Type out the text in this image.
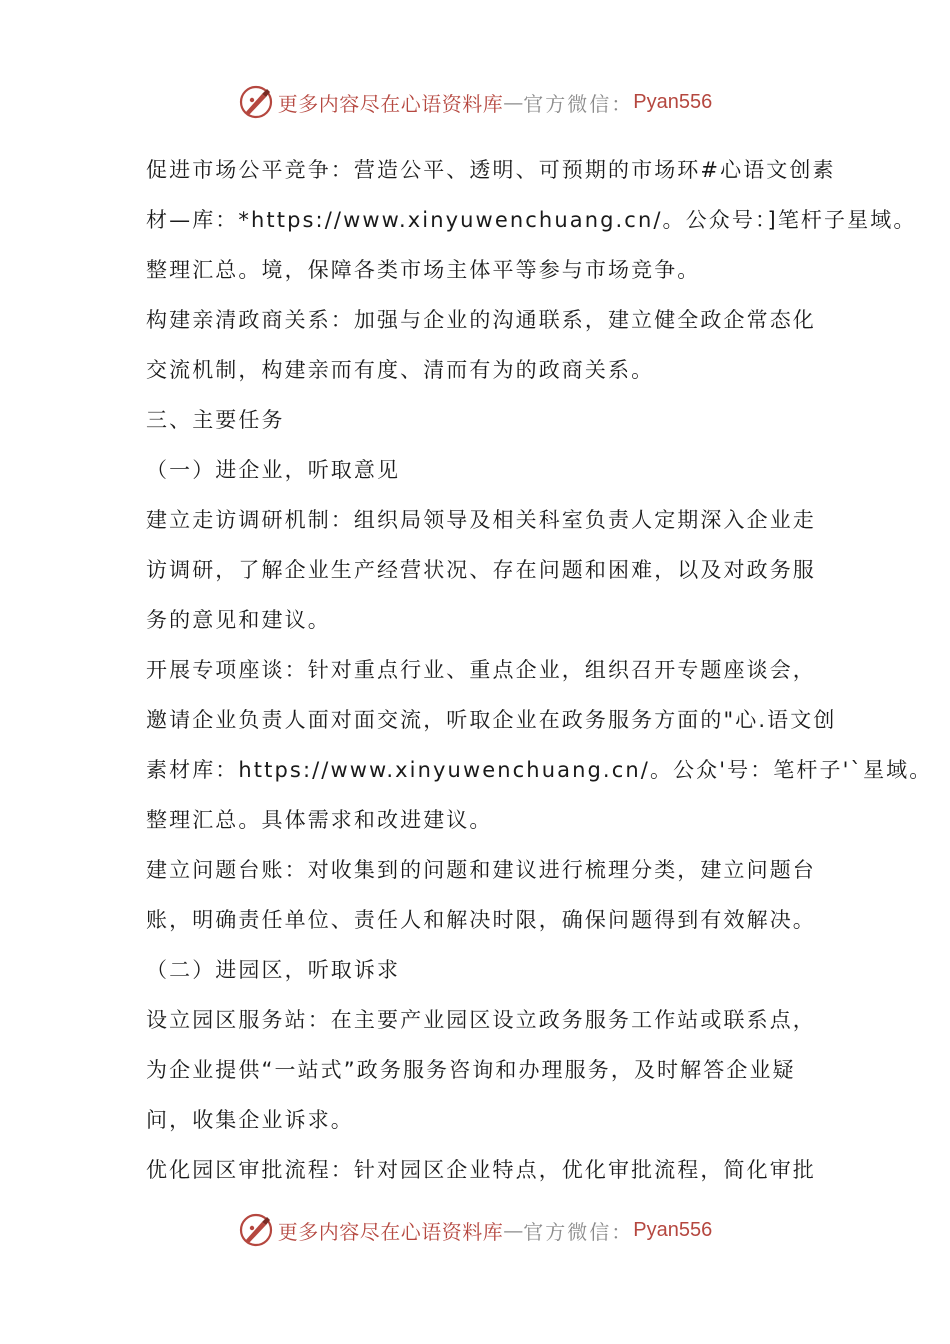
更多内容尽在心语资料库 — 官方微信： Pyan556
促进市场公平竞争：营造公平、透明、可预期的市场环#心语文创素
材—库：*https://www.xinyuwenchuang.cn/。公众号：]笔杆子星域。
整理汇总。境，保障各类市场主体平等参与市场竞争。
构建亲清政商关系：加强与企业的沟通联系，建立健全政企常态化
交流机制，构建亲而有度、清而有为的政商关系。
三、主要任务
（一）进企业，听取意见
建立走访调研机制：组织局领导及相关科室负责人定期深入企业走
访调研，了解企业生产经营状况、存在问题和困难，以及对政务服
务的意见和建议。
开展专项座谈：针对重点行业、重点企业，组织召开专题座谈会，
邀请企业负责人面对面交流，听取企业在政务服务方面的"心.语文创
素材库：https://www.xinyuwenchuang.cn/。公众'号：笔杆子'`星域。
整理汇总。具体需求和改进建议。
建立问题台账：对收集到的问题和建议进行梳理分类，建立问题台
账，明确责任单位、责任人和解决时限，确保问题得到有效解决。
（二）进园区，听取诉求
设立园区服务站：在主要产业园区设立政务服务工作站或联系点，
为企业提供“一站式”政务服务咨询和办理服务，及时解答企业疑
问，收集企业诉求。
优化园区审批流程：针对园区企业特点，优化审批流程，简化审批
更多内容尽在心语资料库 — 官方微信： Pyan556
